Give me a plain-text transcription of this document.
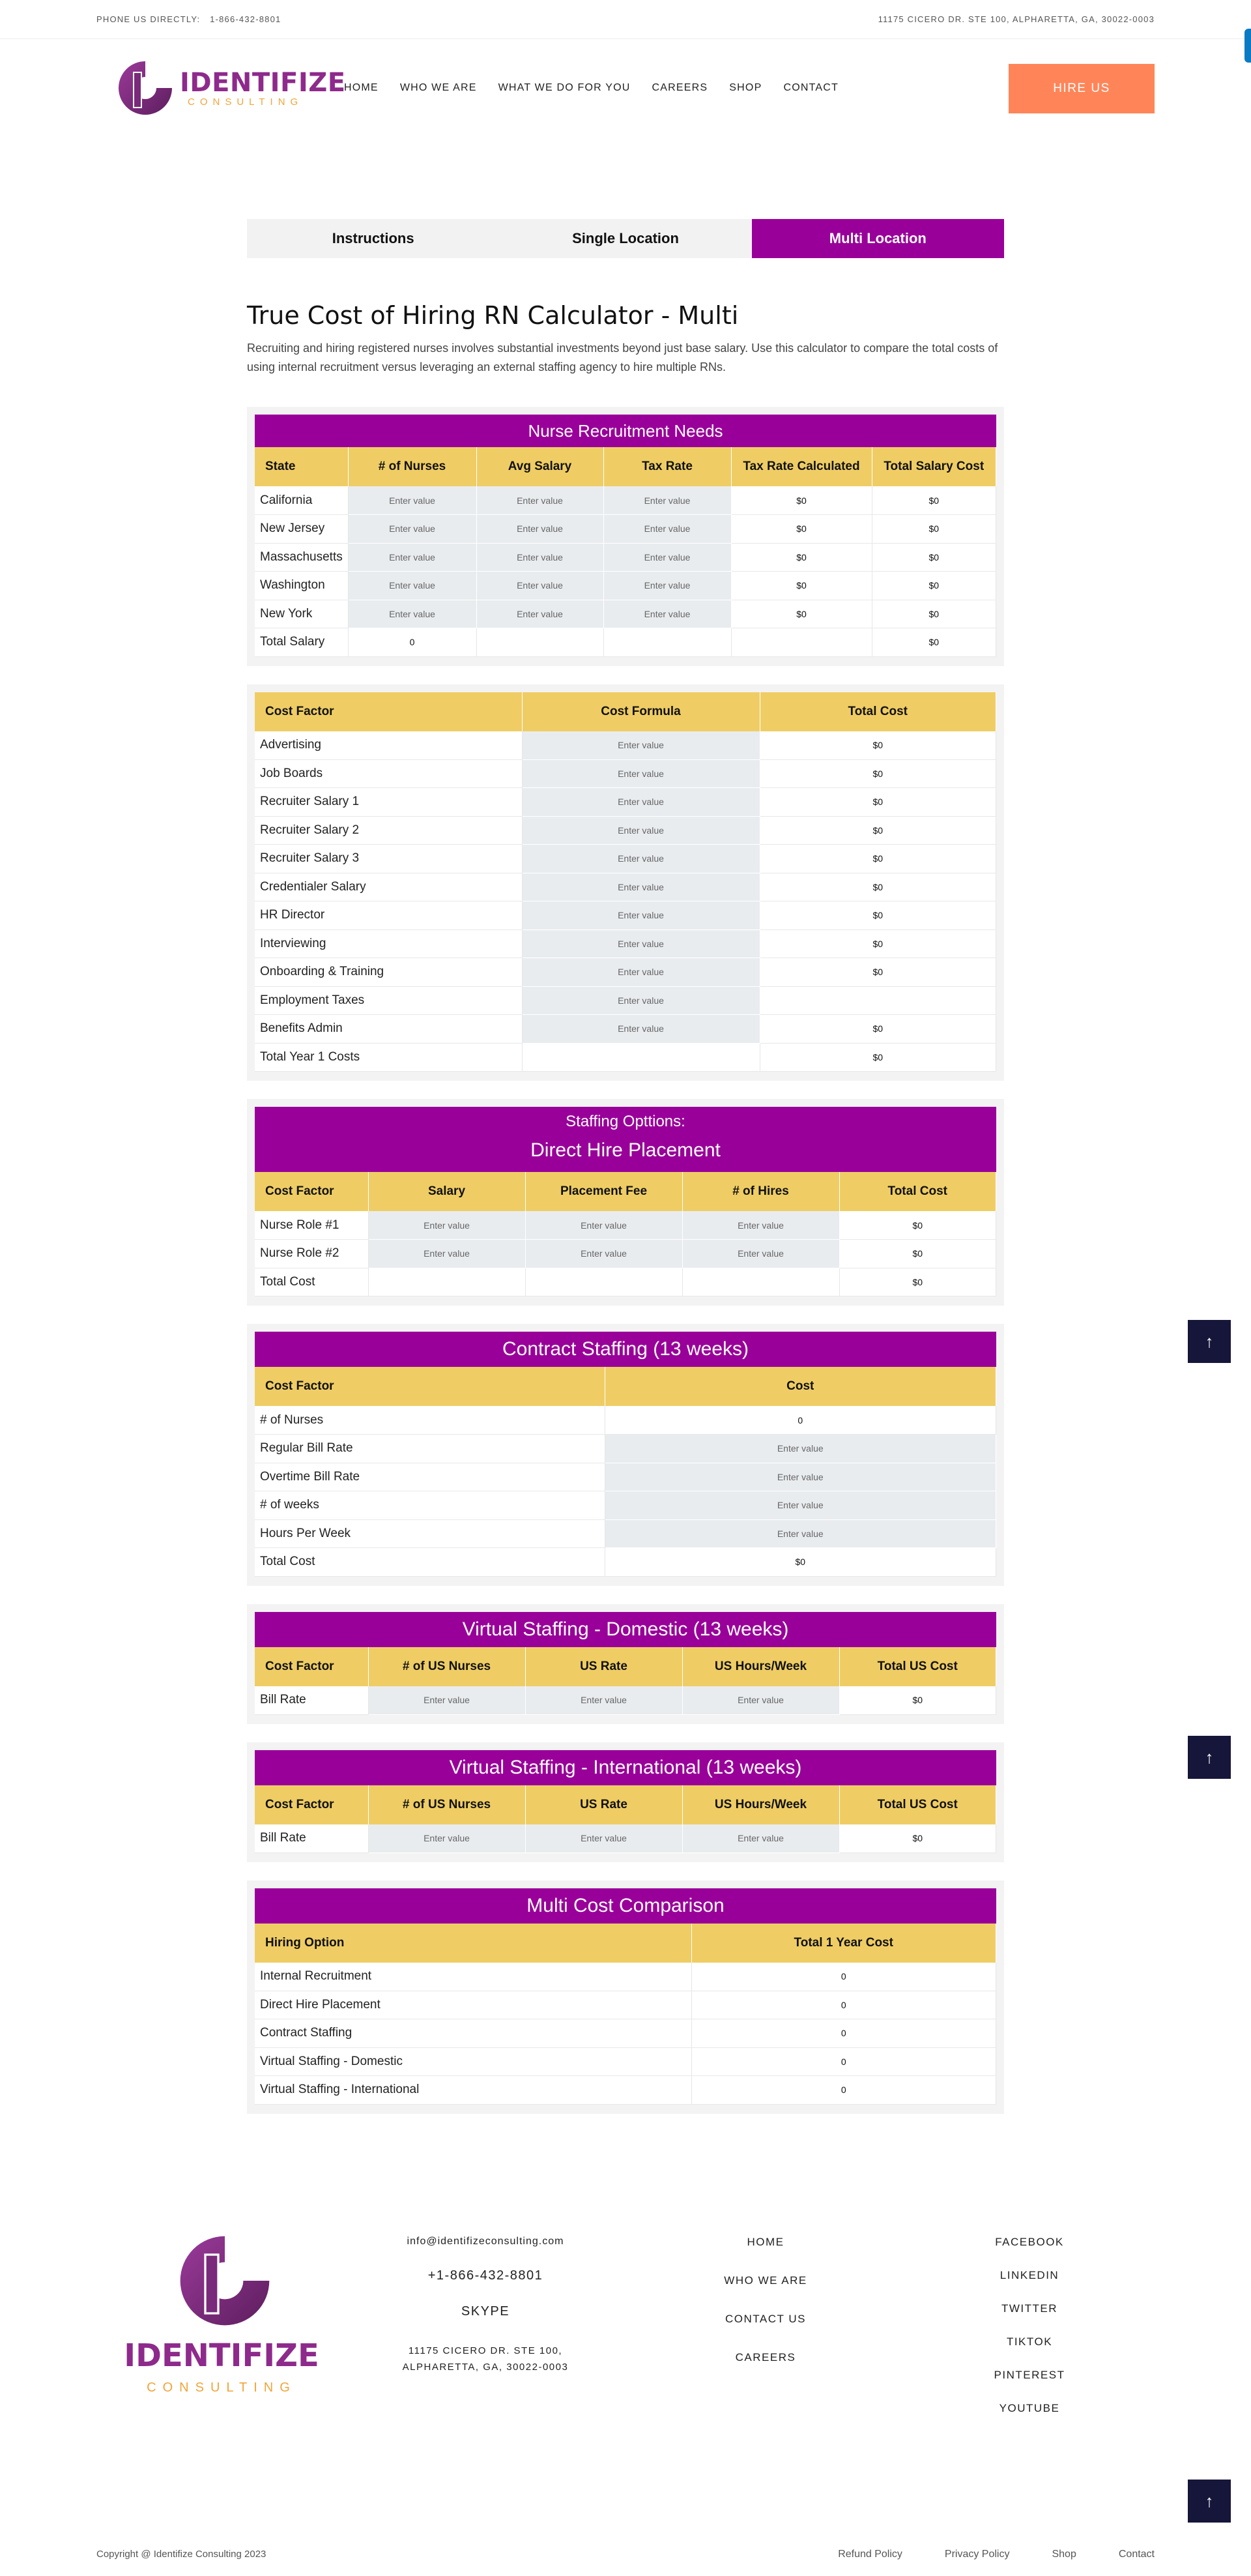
PHONE US DIRECTLY: 1-866-432-8801	11175 CICERO DR. STE 100, ALPHARETTA, GA, 30022-0003
IDENTIFIZE
CONSULTING
HOME WHO WE ARE WHAT WE DO FOR YOU CAREERS SHOP CONTACT	HIRE US
Instructions	Single Location	Multi Location
True Cost of Hiring RN Calculator - Multi

Recruiting and hiring registered nurses involves substantial investments beyond just base salary. Use this calculator to compare the total costs of using internal recruitment versus leveraging an external staffing agency to hire multiple RNs.

Nurse Recruitment Needs
State	# of Nurses	Avg Salary	Tax Rate	Tax Rate Calculated	Total Salary Cost
California	Enter value	Enter value	Enter value	$0	$0
New Jersey	Enter value	Enter value	Enter value	$0	$0
Massachusetts	Enter value	Enter value	Enter value	$0	$0
Washington	Enter value	Enter value	Enter value	$0	$0
New York	Enter value	Enter value	Enter value	$0	$0
Total Salary	0				$0
Cost Factor	Cost Formula	Total Cost
Advertising	Enter value	$0
Job Boards	Enter value	$0
Recruiter Salary 1	Enter value	$0
Recruiter Salary 2	Enter value	$0
Recruiter Salary 3	Enter value	$0
Credentialer Salary	Enter value	$0
HR Director	Enter value	$0
Interviewing	Enter value	$0
Onboarding & Training	Enter value	$0
Employment Taxes	Enter value	
Benefits Admin	Enter value	$0
Total Year 1 Costs		$0
Staffing Opttions:
Direct Hire Placement
Cost Factor	Salary	Placement Fee	# of Hires	Total Cost
Nurse Role #1	Enter value	Enter value	Enter value	$0
Nurse Role #2	Enter value	Enter value	Enter value	$0
Total Cost				$0
Contract Staffing (13 weeks)
Cost Factor	Cost
# of Nurses	0
Regular Bill Rate	Enter value
Overtime Bill Rate	Enter value
# of weeks	Enter value
Hours Per Week	Enter value
Total Cost	$0
Virtual Staffing - Domestic (13 weeks)
Cost Factor	# of US Nurses	US Rate	US Hours/Week	Total US Cost
Bill Rate	Enter value	Enter value	Enter value	$0
Virtual Staffing - International (13 weeks)
Cost Factor	# of US Nurses	US Rate	US Hours/Week	Total US Cost
Bill Rate	Enter value	Enter value	Enter value	$0
Multi Cost Comparison
Hiring Option	Total 1 Year Cost
Internal Recruitment	0
Direct Hire Placement	0
Contract Staffing	0
Virtual Staffing - Domestic	0
Virtual Staffing - International	0
↑
↑
↑
IDENTIFIZE
CONSULTING
info@identifizeconsulting.com
+1-866-432-8801
SKYPE
11175 CICERO DR. STE 100,
ALPHARETTA, GA, 30022-0003
HOME
WHO WE ARE
CONTACT US
CAREERS
FACEBOOK
LINKEDIN
TWITTER
TIKTOK
PINTEREST
YOUTUBE
Copyright @ Identifize Consulting 2023	Refund Policy	Privacy Policy	Shop	Contact
